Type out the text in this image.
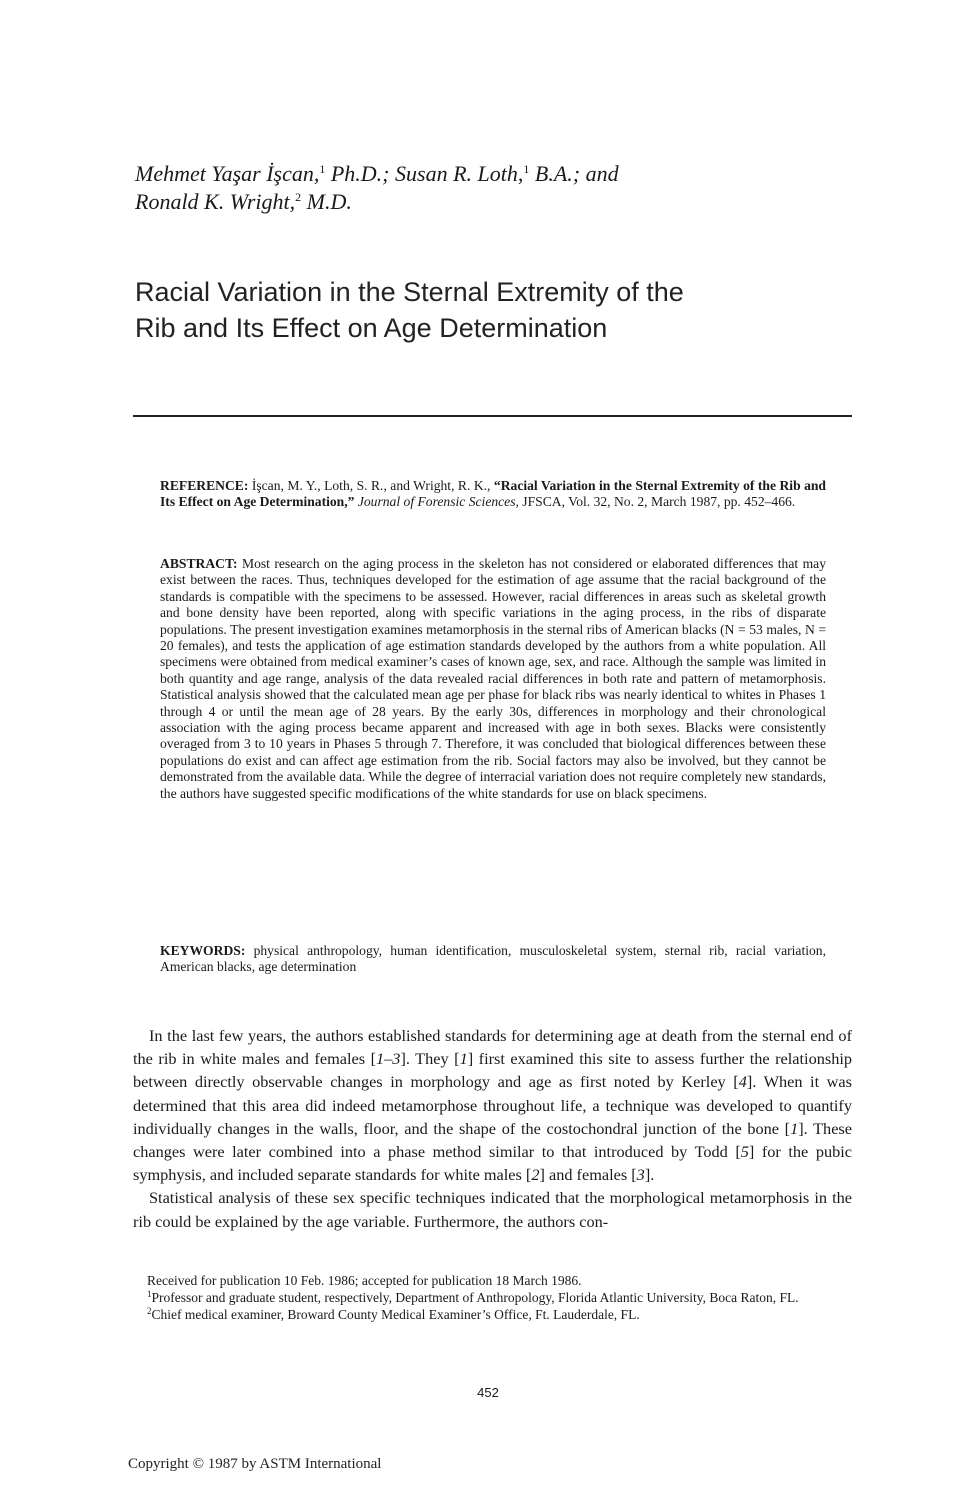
Mehmet Yaşar İşcan,$^1$ Ph.D.; Susan R. Loth,$^1$ B.A.; and
Ronald K. Wright,$^2$ M.D.
Racial Variation in the Sternal Extremity of the
Rib and Its Effect on Age Determination

REFERENCE: İşcan, M. Y., Loth, S. R., and Wright, R. K., “Racial Variation in the Sternal Extremity of the Rib and Its Effect on Age Determination,” Journal of Forensic Sciences, JFSCA, Vol. 32, No. 2, March 1987, pp. 452–466.

ABSTRACT: Most research on the aging process in the skeleton has not considered or elaborated differences that may exist between the races. Thus, techniques developed for the estimation of age assume that the racial background of the standards is compatible with the specimens to be assessed. However, racial differences in areas such as skeletal growth and bone density have been reported, along with specific variations in the aging process, in the ribs of disparate populations. The present investigation examines metamorphosis in the sternal ribs of American blacks (N = 53 males, N = 20 females), and tests the application of age estimation standards developed by the authors from a white population. All specimens were obtained from medical examiner’s cases of known age, sex, and race. Although the sample was limited in both quantity and age range, analysis of the data revealed racial differences in both rate and pattern of metamorphosis. Statistical analysis showed that the calculated mean age per phase for black ribs was nearly identical to whites in Phases 1 through 4 or until the mean age of 28 years. By the early 30s, differences in morphology and their chronological association with the aging process became apparent and increased with age in both sexes. Blacks were consistently overaged from 3 to 10 years in Phases 5 through 7. Therefore, it was concluded that biological differences between these populations do exist and can affect age estimation from the rib. Social factors may also be involved, but they cannot be demonstrated from the available data. While the degree of interracial variation does not require completely new standards, the authors have suggested specific modifications of the white standards for use on black specimens.

KEYWORDS: physical anthropology, human identification, musculoskeletal system, sternal rib, racial variation, American blacks, age determination

In the last few years, the authors established standards for determining age at death from the sternal end of the rib in white males and females [1–3]. They [1] first examined this site to assess further the relationship between directly observable changes in morphology and age as first noted by Kerley [4]. When it was determined that this area did indeed metamorphose throughout life, a technique was developed to quantify individually changes in the walls, floor, and the shape of the costochondral junction of the bone [1]. These changes were later combined into a phase method similar to that introduced by Todd [5] for the pubic symphysis, and included separate standards for white males [2] and females [3].

Statistical analysis of these sex specific techniques indicated that the morphological metamorphosis in the rib could be explained by the age variable. Furthermore, the authors con-

Received for publication 10 Feb. 1986; accepted for publication 18 March 1986.

$^1$Professor and graduate student, respectively, Department of Anthropology, Florida Atlantic University, Boca Raton, FL.

$^2$Chief medical examiner, Broward County Medical Examiner’s Office, Ft. Lauderdale, FL.

452
Copyright © 1987 by ASTM International
